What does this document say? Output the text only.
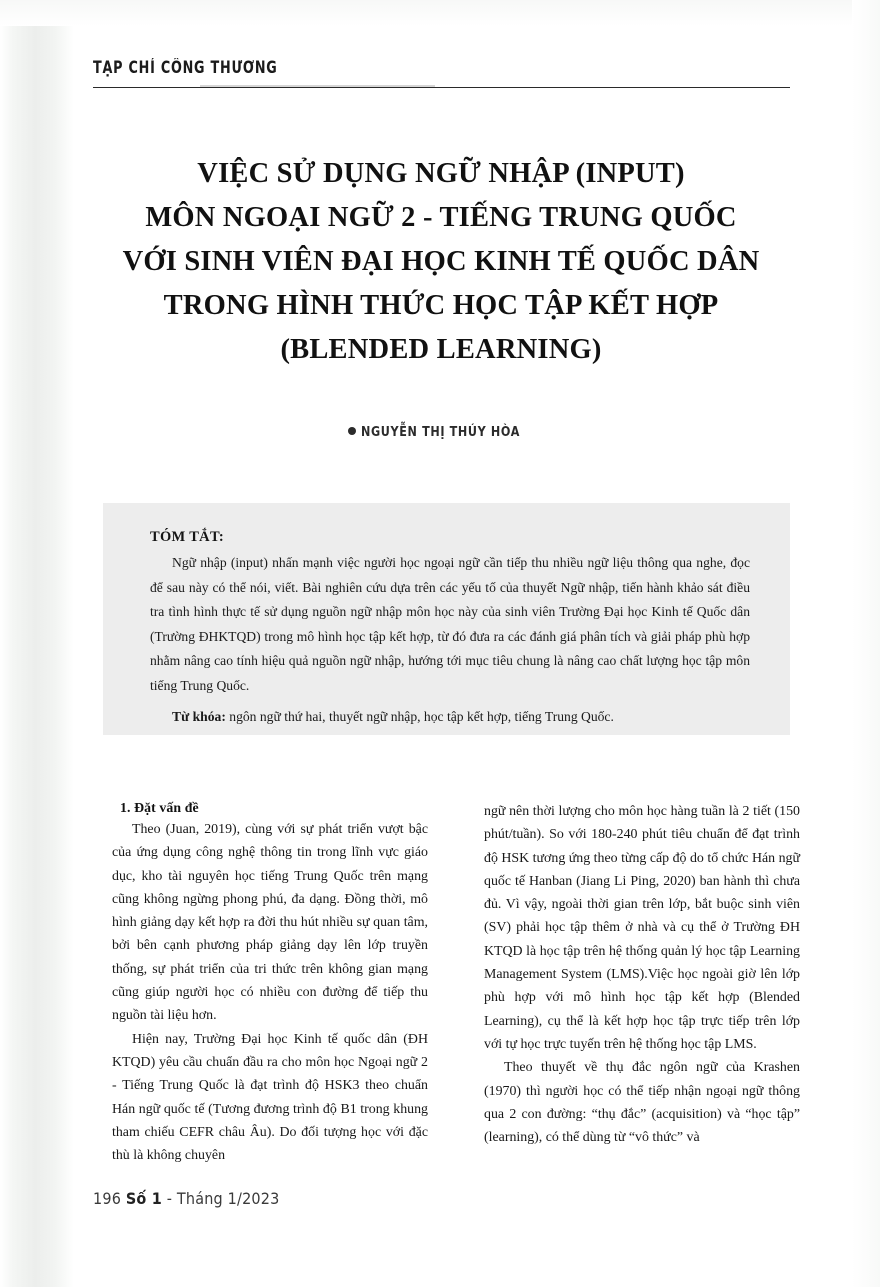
TẠP CHÍ CÔNG THƯƠNG
VIỆC SỬ DỤNG NGỮ NHẬP (INPUT)
MÔN NGOẠI NGỮ 2 - TIẾNG TRUNG QUỐC
VỚI SINH VIÊN ĐẠI HỌC KINH TẾ QUỐC DÂN
TRONG HÌNH THỨC HỌC TẬP KẾT HỢP
(BLENDED LEARNING)
NGUYỄN THỊ THÚY HÒA
TÓM TẮT:

Ngữ nhập (input) nhấn mạnh việc người học ngoại ngữ cần tiếp thu nhiều ngữ liệu thông qua nghe, đọc để sau này có thể nói, viết. Bài nghiên cứu dựa trên các yếu tố của thuyết Ngữ nhập, tiến hành khảo sát điều tra tình hình thực tế sử dụng nguồn ngữ nhập môn học này của sinh viên Trường Đại học Kinh tế Quốc dân (Trường ĐHKTQD) trong mô hình học tập kết hợp, từ đó đưa ra các đánh giá phân tích và giải pháp phù hợp nhằm nâng cao tính hiệu quả nguồn ngữ nhập, hướng tới mục tiêu chung là nâng cao chất lượng học tập môn tiếng Trung Quốc.

Từ khóa: ngôn ngữ thứ hai, thuyết ngữ nhập, học tập kết hợp, tiếng Trung Quốc.

1. Đặt vấn đề

Theo (Juan, 2019), cùng với sự phát triển vượt bậc của ứng dụng công nghệ thông tin trong lĩnh vực giáo dục, kho tài nguyên học tiếng Trung Quốc trên mạng cũng không ngừng phong phú, đa dạng. Đồng thời, mô hình giảng dạy kết hợp ra đời thu hút nhiều sự quan tâm, bởi bên cạnh phương pháp giảng dạy lên lớp truyền thống, sự phát triển của tri thức trên không gian mạng cũng giúp người học có nhiều con đường để tiếp thu nguồn tài liệu hơn.

Hiện nay, Trường Đại học Kinh tế quốc dân (ĐH KTQD) yêu cầu chuẩn đầu ra cho môn học Ngoại ngữ 2 - Tiếng Trung Quốc là đạt trình độ HSK3 theo chuẩn Hán ngữ quốc tế (Tương đương trình độ B1 trong khung tham chiếu CEFR châu Âu). Do đối tượng học với đặc thù là không chuyên

ngữ nên thời lượng cho môn học hàng tuần là 2 tiết (150 phút/tuần). So với 180-240 phút tiêu chuẩn để đạt trình độ HSK tương ứng theo từng cấp độ do tổ chức Hán ngữ quốc tế Hanban (Jiang Li Ping, 2020) ban hành thì chưa đủ. Vì vậy, ngoài thời gian trên lớp, bắt buộc sinh viên (SV) phải học tập thêm ở nhà và cụ thể ở Trường ĐH KTQD là học tập trên hệ thống quản lý học tập Learning Management System (LMS).Việc học ngoài giờ lên lớp phù hợp với mô hình học tập kết hợp (Blended Learning), cụ thể là kết hợp học tập trực tiếp trên lớp với tự học trực tuyến trên hệ thống học tập LMS.

Theo thuyết về thụ đắc ngôn ngữ của Krashen (1970) thì người học có thể tiếp nhận ngoại ngữ thông qua 2 con đường: “thụ đắc” (acquisition) và “học tập” (learning), có thể dùng từ “vô thức” và

196 Số 1 - Tháng 1/2023
